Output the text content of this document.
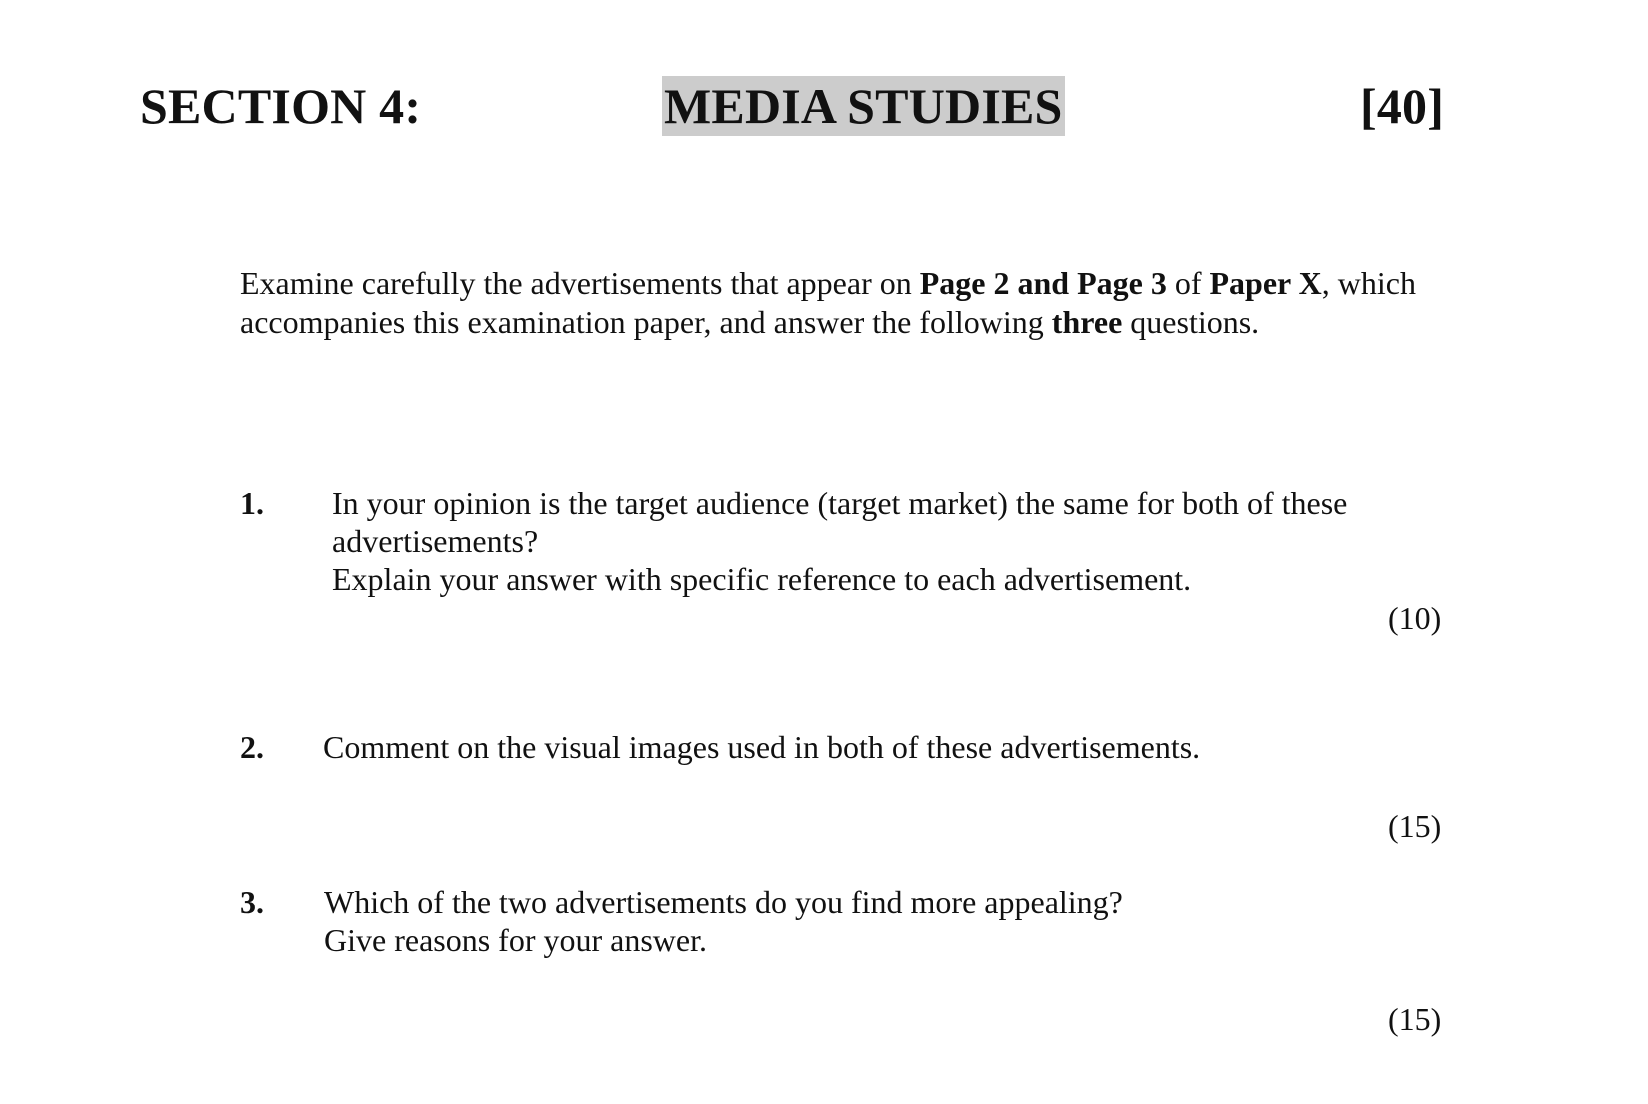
SECTION 4:	MEDIA STUDIES	[40]
Examine carefully the advertisements that appear on Page 2 and Page 3 of Paper X, which accompanies this examination paper, and answer the following three questions.
1. In your opinion is the target audience (target market) the same for both of these
advertisements?
Explain your answer with specific reference to each advertisement.
(10)
2. Comment on the visual images used in both of these advertisements.
(15)
3. Which of the two advertisements do you find more appealing?
Give reasons for your answer.
(15)
